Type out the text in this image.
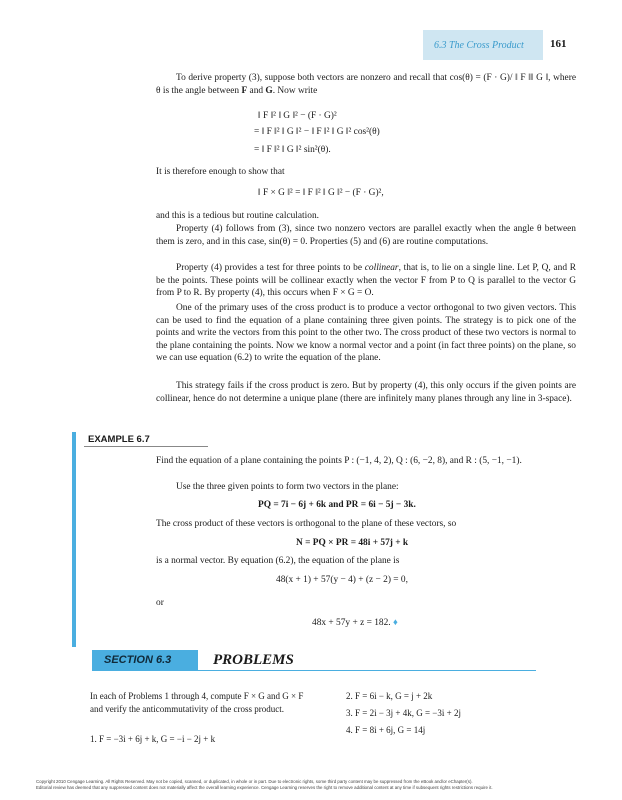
6.3 The Cross Product 161
To derive property (3), suppose both vectors are nonzero and recall that cos(θ) = (F · G)/ ‖ F ‖‖ G ‖, where θ is the angle between F and G. Now write
‖ F ‖² ‖ G ‖² − (F · G)²
= ‖ F ‖² ‖ G ‖² − ‖ F ‖² ‖ G ‖² cos²(θ)
= ‖ F ‖² ‖ G ‖² sin²(θ).
It is therefore enough to show that
‖ F × G ‖² = ‖ F ‖² ‖ G ‖² − (F · G)²,
and this is a tedious but routine calculation.
Property (4) follows from (3), since two nonzero vectors are parallel exactly when the angle θ between them is zero, and in this case, sin(θ) = 0. Properties (5) and (6) are routine computations.
Property (4) provides a test for three points to be collinear, that is, to lie on a single line. Let P, Q, and R be the points. These points will be collinear exactly when the vector F from P to Q is parallel to the vector G from P to R. By property (4), this occurs when F × G = O.
One of the primary uses of the cross product is to produce a vector orthogonal to two given vectors. This can be used to find the equation of a plane containing three given points. The strategy is to pick one of the points and write the vectors from this point to the other two. The cross product of these two vectors is normal to the plane containing the points. Now we know a normal vector and a point (in fact three points) on the plane, so we can use equation (6.2) to write the equation of the plane.
This strategy fails if the cross product is zero. But by property (4), this only occurs if the given points are collinear, hence do not determine a unique plane (there are infinitely many planes through any line in 3-space).
EXAMPLE 6.7
Find the equation of a plane containing the points P : (−1, 4, 2), Q : (6, −2, 8), and R : (5, −1, −1).
Use the three given points to form two vectors in the plane:
PQ = 7i − 6j + 6k and PR = 6i − 5j − 3k.
The cross product of these vectors is orthogonal to the plane of these vectors, so
N = PQ × PR = 48i + 57j + k
is a normal vector. By equation (6.2), the equation of the plane is
48(x + 1) + 57(y − 4) + (z − 2) = 0,
or
48x + 57y + z = 182. ♦
SECTION 6.3	PROBLEMS
In each of Problems 1 through 4, compute F × G and G × F
and verify the anticommutativity of the cross product.
1. F = −3i + 6j + k, G = −i − 2j + k
2. F = 6i − k, G = j + 2k
3. F = 2i − 3j + 4k, G = −3i + 2j
4. F = 8i + 6j, G = 14j
Copyright 2010 Cengage Learning. All Rights Reserved. May not be copied, scanned, or duplicated, in whole or in part. Due to electronic rights, some third party content may be suppressed from the eBook and/or eChapter(s).
Editorial review has deemed that any suppressed content does not materially affect the overall learning experience. Cengage Learning reserves the right to remove additional content at any time if subsequent rights restrictions require it.
